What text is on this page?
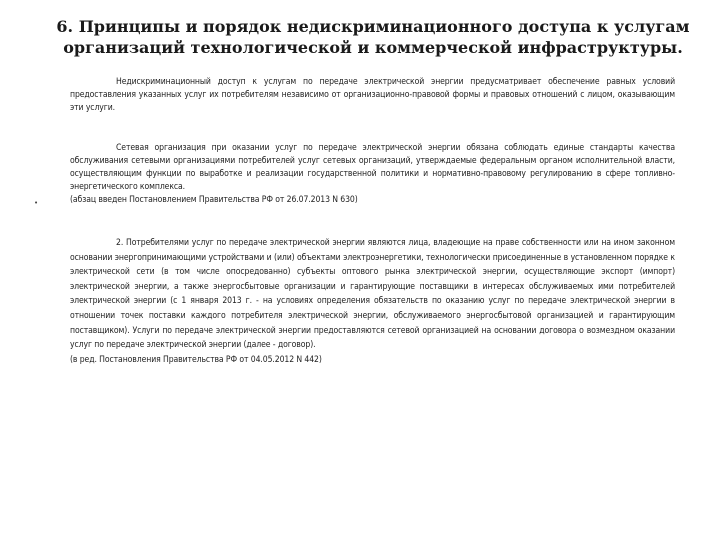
6. Принципы и порядок недискриминационного доступа к услугам организаций технологической и коммерческой инфраструктуры.

Недискриминационный доступ к услугам по передаче электрической энергии предусматривает обеспечение равных условий предоставления указанных услуг их потребителям независимо от организационно-правовой формы и правовых отношений с лицом, оказывающим эти услуги.

Сетевая организация при оказании услуг по передаче электрической энергии обязана соблюдать единые стандарты качества обслуживания сетевыми организациями потребителей услуг сетевых организаций, утверждаемые федеральным органом исполнительной власти, осуществляющим функции по выработке и реализации государственной политики и нормативно-правовому регулированию в сфере топливно-энергетического комплекса.

(абзац введен Постановлением Правительства РФ от 26.07.2013 N 630)

•

2. Потребителями услуг по передаче электрической энергии являются лица, владеющие на праве собственности или на ином законном основании энергопринимающими устройствами и (или) объектами электроэнергетики, технологически присоединенные в установленном порядке к электрической сети (в том числе опосредованно) субъекты оптового рынка электрической энергии, осуществляющие экспорт (импорт) электрической энергии, а также энергосбытовые организации и гарантирующие поставщики в интересах обслуживаемых ими потребителей электрической энергии (с 1 января 2013 г. - на условиях определения обязательств по оказанию услуг по передаче электрической энергии в отношении точек поставки каждого потребителя электрической энергии, обслуживаемого энергосбытовой организацией и гарантирующим поставщиком). Услуги по передаче электрической энергии предоставляются сетевой организацией на основании договора о возмездном оказании услуг по передаче электрической энергии (далее - договор).

(в ред. Постановления Правительства РФ от 04.05.2012 N 442)
